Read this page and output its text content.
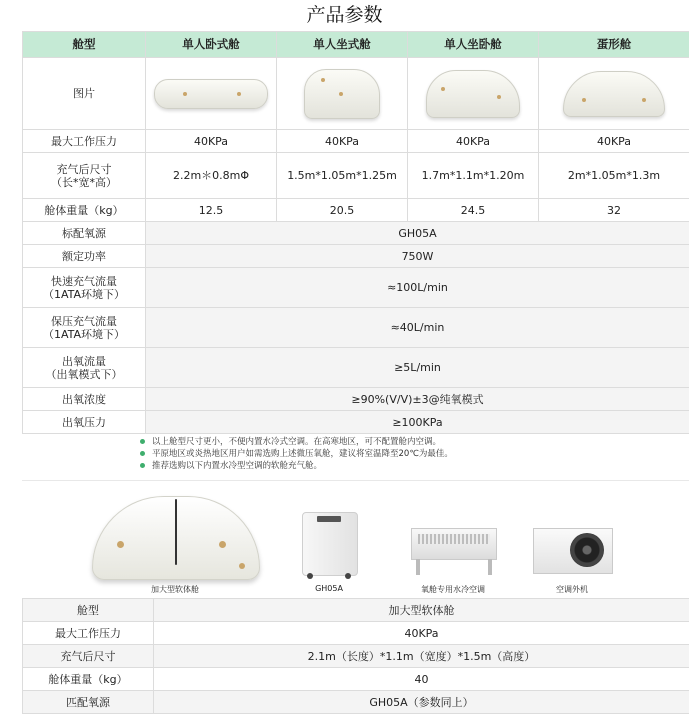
产品参数
舱型	单人卧式舱	单人坐式舱	单人坐卧舱	蛋形舱
图片	

最大工作压力	40KPa	40KPa	40KPa	40KPa
充气后尺寸
（长*宽*高）	2.2m＊0.8mΦ	1.5m*1.05m*1.25m	1.7m*1.1m*1.20m	2m*1.05m*1.3m
舱体重量（kg）	12.5	20.5	24.5	32
标配氧源	GH05A			
额定功率	750W			
快速充气流量
（1ATA环境下）	≈100L/min			
保压充气流量
（1ATA环境下）	≈40L/min			
出氧流量
（出氧模式下）	≥5L/min			
出氧浓度	≥90%(V/V)±3@纯氧模式			
出氧压力	≥100KPa			
以上舱型尺寸更小，不便内置水冷式空调。在高寒地区，可不配置舱内空调。
平原地区或炎热地区用户如需选购上述微压氧舱，建议将室温降至20℃为最佳。
推荐选购以下内置水冷型空调的软舱充气舱。
加大型软体舱	GH05A	氧舱专用水冷空调	空调外机
舱型	加大型软体舱
最大工作压力	40KPa
充气后尺寸	2.1m（长度）*1.1m（宽度）*1.5m（高度）
舱体重量（kg）	40
匹配氧源	GH05A（参数同上）
